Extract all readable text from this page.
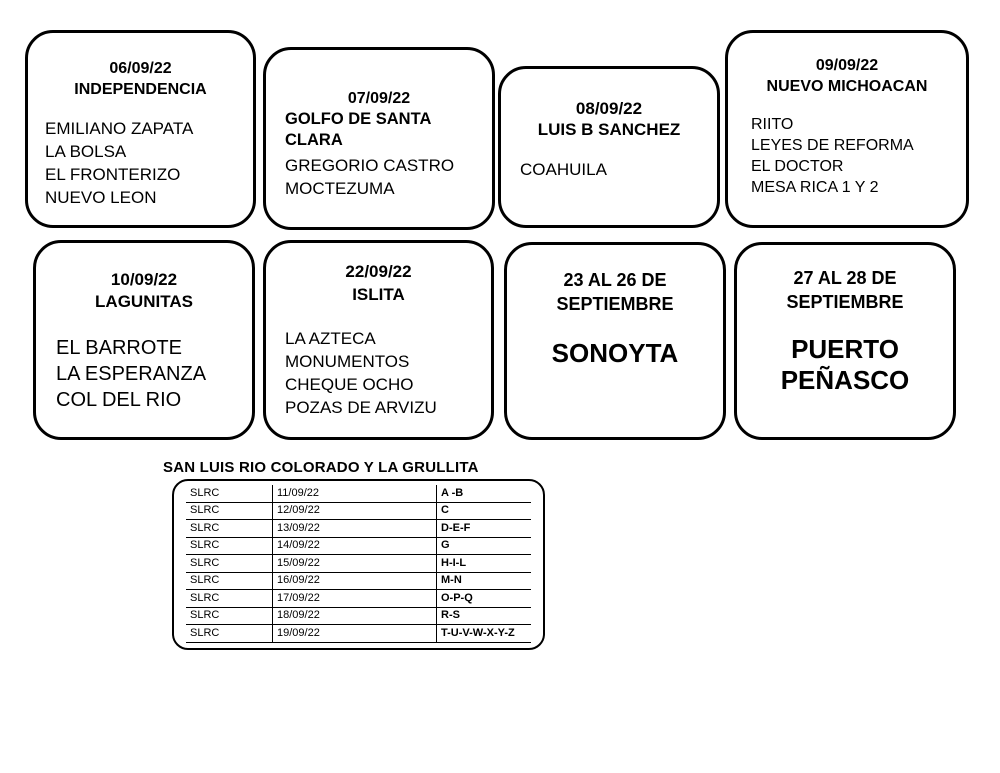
06/09/22
INDEPENDENCIA
EMILIANO ZAPATA
LA BOLSA
EL FRONTERIZO
NUEVO LEON
07/09/22
GOLFO DE SANTA CLARA
GREGORIO CASTRO
MOCTEZUMA
08/09/22
LUIS B SANCHEZ
COAHUILA
09/09/22
NUEVO MICHOACAN
RIITO
LEYES DE REFORMA
EL DOCTOR
MESA RICA 1 Y 2
10/09/22
LAGUNITAS
EL BARROTE
LA ESPERANZA
COL DEL RIO
22/09/22
ISLITA
LA AZTECA
MONUMENTOS
CHEQUE OCHO
POZAS DE ARVIZU
23 AL 26 DE
SEPTIEMBRE
SONOYTA
27 AL 28 DE
SEPTIEMBRE
PUERTO
PEÑASCO
SAN LUIS RIO COLORADO Y LA GRULLITA
SLRC	11/09/22	A -B
SLRC	12/09/22	C
SLRC	13/09/22	D-E-F
SLRC	14/09/22	G
SLRC	15/09/22	H-I-L
SLRC	16/09/22	M-N
SLRC	17/09/22	O-P-Q
SLRC	18/09/22	R-S
SLRC	19/09/22	T-U-V-W-X-Y-Z
